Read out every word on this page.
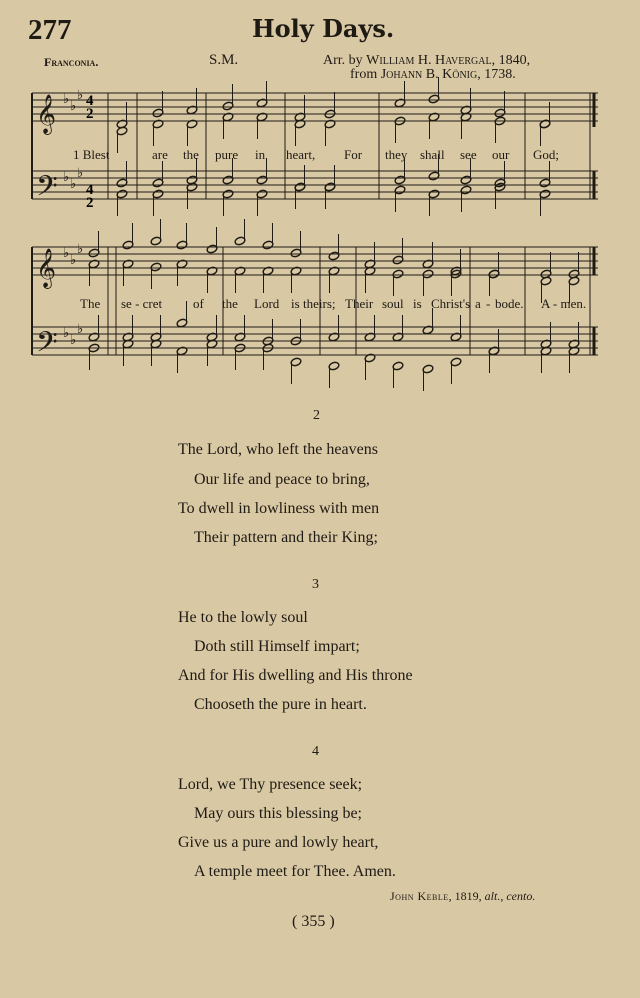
277	Holy Days.
Franconia.	S.M.	Arr. by William H. Havergal, 1840,
from Johann B. König, 1738.
𝄞
𝄢
𝄞
𝄢
♭ ♭
♭
♭ ♭
♭
♭ ♭
♭
♭ ♭
♭
4
2
4
2
1 Blest	are the pure in heart, For they shall see our God;
The se - cret of the Lord is theirs; Their soul is Christ's a - bode. A - men.
2
The Lord, who left the heavens
Our life and peace to bring,
To dwell in lowliness with men
Their pattern and their King;
3
He to the lowly soul
Doth still Himself impart;
And for His dwelling and His throne
Chooseth the pure in heart.
4
Lord, we Thy presence seek;
May ours this blessing be;
Give us a pure and lowly heart,
A temple meet for Thee. Amen.
John Keble, 1819, alt., cento.
( 355 )
